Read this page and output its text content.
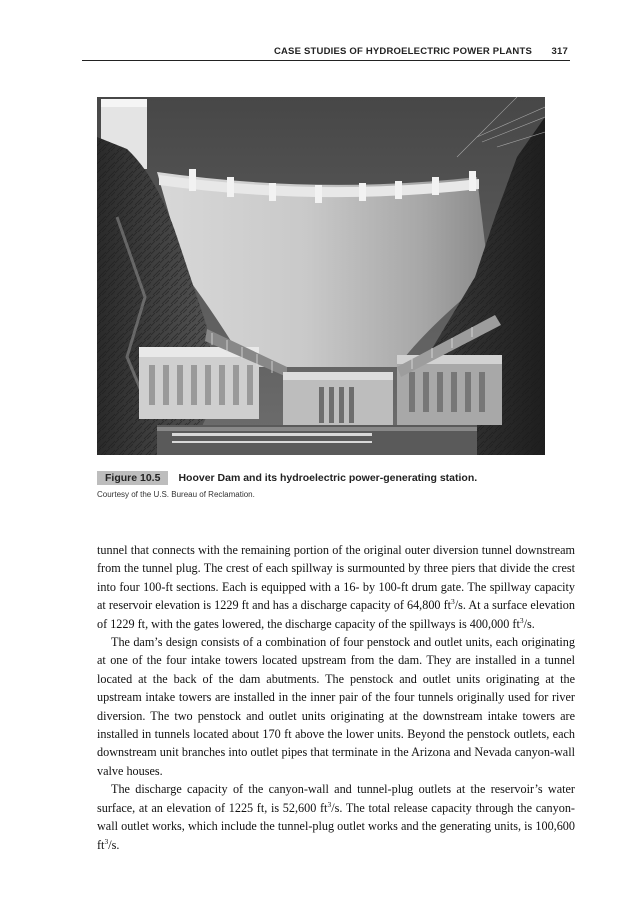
CASE STUDIES OF HYDROELECTRIC POWER PLANTS 317
Figure 10.5 Hoover Dam and its hydroelectric power-generating station.
Courtesy of the U.S. Bureau of Reclamation.

tunnel that connects with the remaining portion of the original outer diversion tunnel downstream from the tunnel plug. The crest of each spillway is surmounted by three piers that divide the crest into four 100-ft sections. Each is equipped with a 16- by 100-ft drum gate. The spillway capacity at reservoir elevation is 1229 ft and has a discharge capacity of 64,800 $ft^3/s$. At a surface elevation of 1229 ft, with the gates lowered, the discharge capacity of the spillways is 400,000 $ft^3/s$.

The dam’s design consists of a combination of four penstock and outlet units, each originating at one of the four intake towers located upstream from the dam. They are installed in a tunnel located at the back of the dam abutments. The penstock and outlet units originating at the upstream intake towers are installed in the inner pair of the four tunnels originally used for river diversion. The two penstock and outlet units originating at the downstream intake towers are installed in tunnels located about 170 ft above the lower units. Beyond the penstock outlets, each downstream unit branches into outlet pipes that terminate in the Arizona and Nevada canyon-wall valve houses.

The discharge capacity of the canyon-wall and tunnel-plug outlets at the reservoir’s water surface, at an elevation of 1225 ft, is 52,600 $ft^3/s$. The total release capacity through the canyon-wall outlet works, which include the tunnel-plug outlet works and the generating units, is 100,600 $ft^3/s$.
